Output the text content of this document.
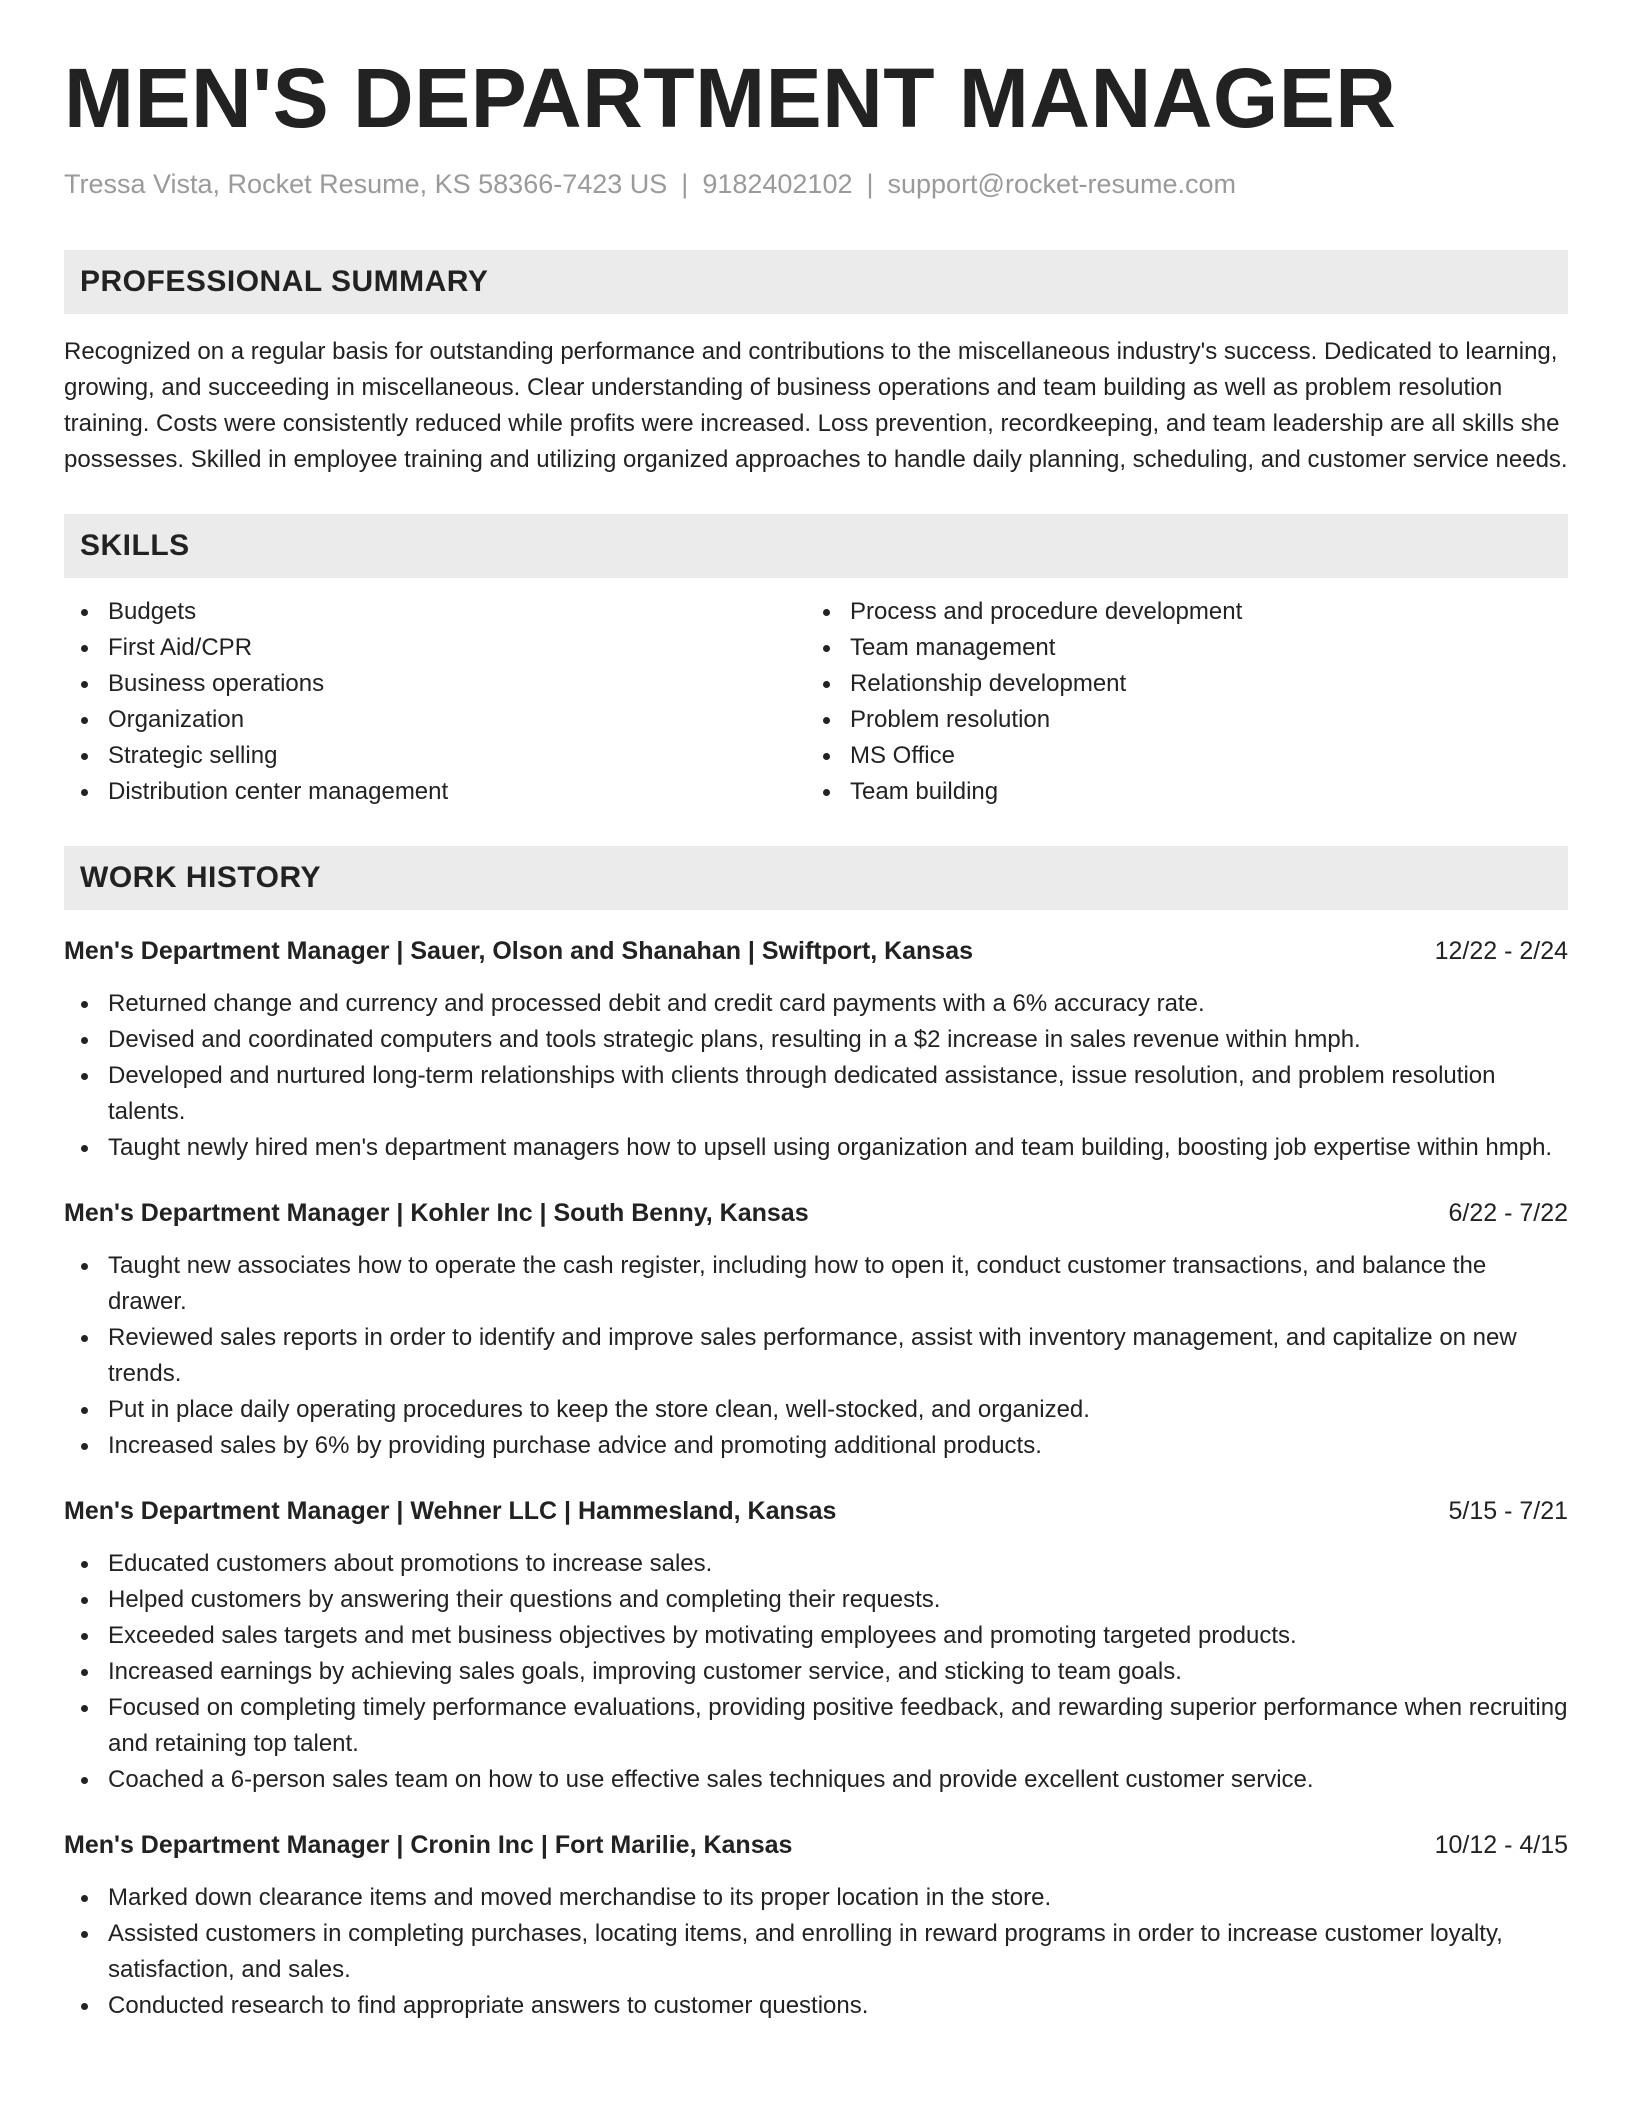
MEN'S DEPARTMENT MANAGER
Tressa Vista, Rocket Resume, KS 58366-7423 US | 9182402102 | support@rocket-resume.com
PROFESSIONAL SUMMARY
Recognized on a regular basis for outstanding performance and contributions to the miscellaneous industry's success. Dedicated to learning, growing, and succeeding in miscellaneous. Clear understanding of business operations and team building as well as problem resolution training. Costs were consistently reduced while profits were increased. Loss prevention, recordkeeping, and team leadership are all skills she possesses. Skilled in employee training and utilizing organized approaches to handle daily planning, scheduling, and customer service needs.
SKILLS
Budgets
First Aid/CPR
Business operations
Organization
Strategic selling
Distribution center management
Process and procedure development
Team management
Relationship development
Problem resolution
MS Office
Team building
WORK HISTORY
Men's Department Manager | Sauer, Olson and Shanahan | Swiftport, Kansas	12/22 - 2/24
Returned change and currency and processed debit and credit card payments with a 6% accuracy rate.
Devised and coordinated computers and tools strategic plans, resulting in a $2 increase in sales revenue within hmph.
Developed and nurtured long-term relationships with clients through dedicated assistance, issue resolution, and problem resolution talents.
Taught newly hired men's department managers how to upsell using organization and team building, boosting job expertise within hmph.
Men's Department Manager | Kohler Inc | South Benny, Kansas	6/22 - 7/22
Taught new associates how to operate the cash register, including how to open it, conduct customer transactions, and balance the drawer.
Reviewed sales reports in order to identify and improve sales performance, assist with inventory management, and capitalize on new trends.
Put in place daily operating procedures to keep the store clean, well-stocked, and organized.
Increased sales by 6% by providing purchase advice and promoting additional products.
Men's Department Manager | Wehner LLC | Hammesland, Kansas	5/15 - 7/21
Educated customers about promotions to increase sales.
Helped customers by answering their questions and completing their requests.
Exceeded sales targets and met business objectives by motivating employees and promoting targeted products.
Increased earnings by achieving sales goals, improving customer service, and sticking to team goals.
Focused on completing timely performance evaluations, providing positive feedback, and rewarding superior performance when recruiting and retaining top talent.
Coached a 6-person sales team on how to use effective sales techniques and provide excellent customer service.
Men's Department Manager | Cronin Inc | Fort Marilie, Kansas	10/12 - 4/15
Marked down clearance items and moved merchandise to its proper location in the store.
Assisted customers in completing purchases, locating items, and enrolling in reward programs in order to increase customer loyalty, satisfaction, and sales.
Conducted research to find appropriate answers to customer questions.
